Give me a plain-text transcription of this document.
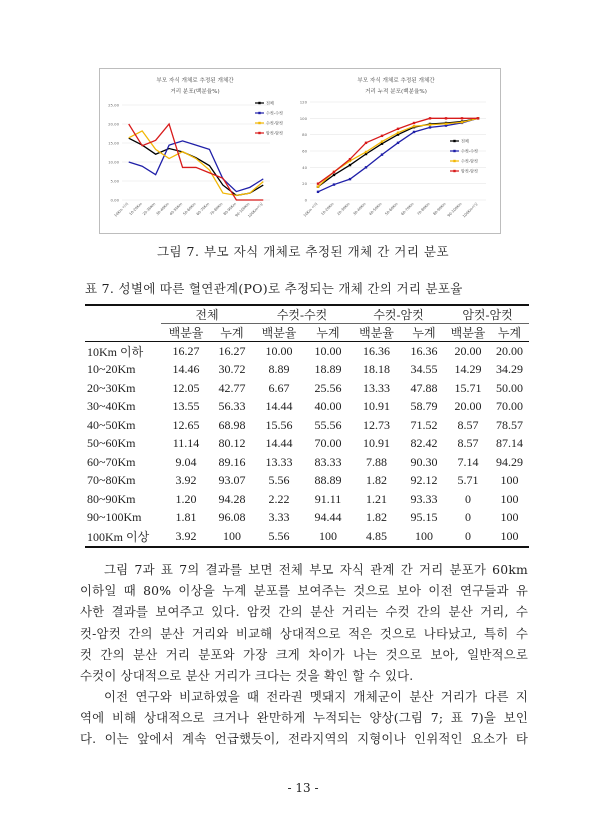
부모 자식 개체로 추정된 개체간
거리 분포(백분율%)
0.00
5.00
10.00
15.00
20.00
25.00
10Km 이하 10-20Km 20-30Km 30-40Km 40-50Km 50-60Km 60-70Km 70-80Km 80-90Km
90-100Km
100Km이상
전체
수컷-수컷
수컷-암컷
암컷-암컷
부모 자식 개체로 추정된 개체간
거리 누적 분포(백분율%)
0
20
40
60
80
100
120
10Km 이하 10-20Km 20-30Km 30-40Km 40-50Km 50-60Km 60-70Km 70-80Km 80-90Km 90-100Km 100Km이상
전체
수컷-수컷
수컷-암컷
암컷-암컷
그림 7. 부모 자식 개체로 추정된 개체 간 거리 분포
표 7. 성별에 따른 혈연관계(PO)로 추정되는 개체 간의 거리 분포율
	전체		수컷-수컷		수컷-암컷		암컷-암컷	
	백분율	누계	백분율	누계	백분율	누계	백분율	누계
10Km 이하	16.27	16.27	10.00	10.00	16.36	16.36	20.00	20.00
10~20Km	14.46	30.72	8.89	18.89	18.18	34.55	14.29	34.29
20~30Km	12.05	42.77	6.67	25.56	13.33	47.88	15.71	50.00
30~40Km	13.55	56.33	14.44	40.00	10.91	58.79	20.00	70.00
40~50Km	12.65	68.98	15.56	55.56	12.73	71.52	8.57	78.57
50~60Km	11.14	80.12	14.44	70.00	10.91	82.42	8.57	87.14
60~70Km	9.04	89.16	13.33	83.33	7.88	90.30	7.14	94.29
70~80Km	3.92	93.07	5.56	88.89	1.82	92.12	5.71	100
80~90Km	1.20	94.28	2.22	91.11	1.21	93.33	0	100
90~100Km	1.81	96.08	3.33	94.44	1.82	95.15	0	100
100Km 이상	3.92	100	5.56	100	4.85	100	0	100
그림 7과 표 7의 결과를 보면 전체 부모 자식 관계 간 거리 분포가 60km
이하일 때 80% 이상을 누계 분포를 보여주는 것으로 보아 이전 연구들과 유
사한 결과를 보여주고 있다. 암컷 간의 분산 거리는 수컷 간의 분산 거리, 수
컷-암컷 간의 분산 거리와 비교해 상대적으로 적은 것으로 나타났고, 특히 수
컷 간의 분산 거리 분포와 가장 크게 차이가 나는 것으로 보아, 일반적으로
수컷이 상대적으로 분산 거리가 크다는 것을 확인 할 수 있다.
이전 연구와 비교하였을 때 전라권 멧돼지 개체군이 분산 거리가 다른 지
역에 비해 상대적으로 크거나 완만하게 누적되는 양상(그림 7; 표 7)을 보인
다. 이는 앞에서 계속 언급했듯이, 전라지역의 지형이나 인위적인 요소가 타
- 13 -
